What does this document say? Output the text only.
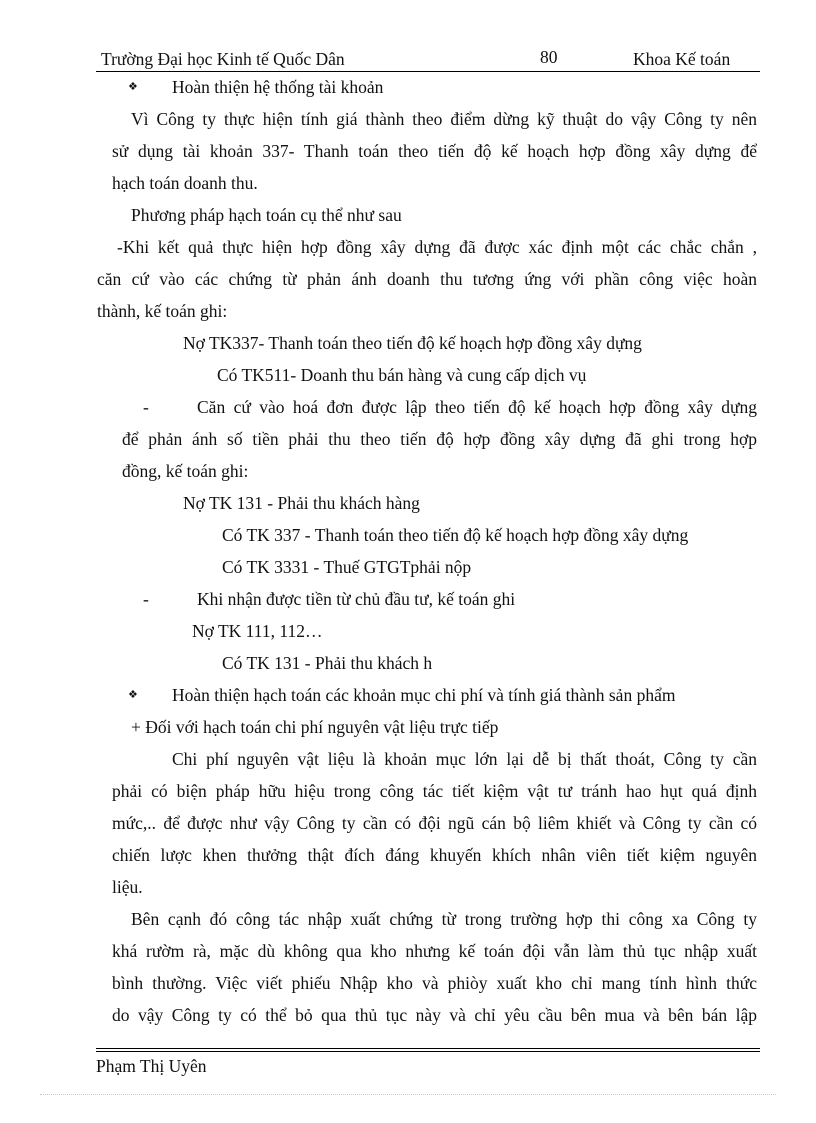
Trường Đại học Kinh tế Quốc Dân	80	Khoa Kế toán
❖ Hoàn thiện hệ thống tài khoản
Vì Công ty thực hiện tính giá thành theo điểm dừng kỹ thuật do vậy Công ty nên
sử dụng tài khoản 337- Thanh toán theo tiến độ kế hoạch hợp đồng xây dựng để
hạch toán doanh thu.
Phương pháp hạch toán cụ thể như sau
-Khi kết quả thực hiện hợp đồng xây dựng đã được xác định một các chắc chắn ,
căn cứ vào các chứng từ phản ánh doanh thu tương ứng với phần công việc hoàn
thành, kế toán ghi:
Nợ TK337- Thanh toán theo tiến độ kế hoạch hợp đồng xây dựng
Có TK511- Doanh thu bán hàng và cung cấp dịch vụ
-	Căn cứ vào hoá đơn được lập theo tiến độ kế hoạch hợp đồng xây dựng
để phản ánh số tiền phải thu theo tiến độ hợp đồng xây dựng đã ghi trong hợp
đồng, kế toán ghi:
Nợ TK 131 - Phải thu khách hàng
Có TK 337 - Thanh toán theo tiến độ kế hoạch hợp đồng xây dựng
Có TK 3331 - Thuế GTGTphải nộp
-	Khi nhận được tiền từ chủ đầu tư, kế toán ghi
Nợ TK 111, 112…
Có TK 131 - Phải thu khách h
❖ Hoàn thiện hạch toán các khoản mục chi phí và tính giá thành sản phẩm
+ Đối với hạch toán chi phí nguyên vật liệu trực tiếp
Chi phí nguyên vật liệu là khoản mục lớn lại dễ bị thất thoát, Công ty cần
phải có biện pháp hữu hiệu trong công tác tiết kiệm vật tư tránh hao hụt quá định
mức,.. để được như vậy Công ty cần có đội ngũ cán bộ liêm khiết và Công ty cần có
chiến lược khen thưởng thật đích đáng khuyến khích nhân viên tiết kiệm nguyên
liệu.
Bên cạnh đó công tác nhập xuất chứng từ trong trường hợp thi công xa Công ty
khá rườm rà, mặc dù không qua kho nhưng kế toán đội vẫn làm thủ tục nhập xuất
bình thường. Việc viết phiếu Nhập kho và phiòy xuất kho chỉ mang tính hình thức
do vậy Công ty có thể bỏ qua thủ tục này và chỉ yêu cầu bên mua và bên bán lập
Phạm Thị Uyên
